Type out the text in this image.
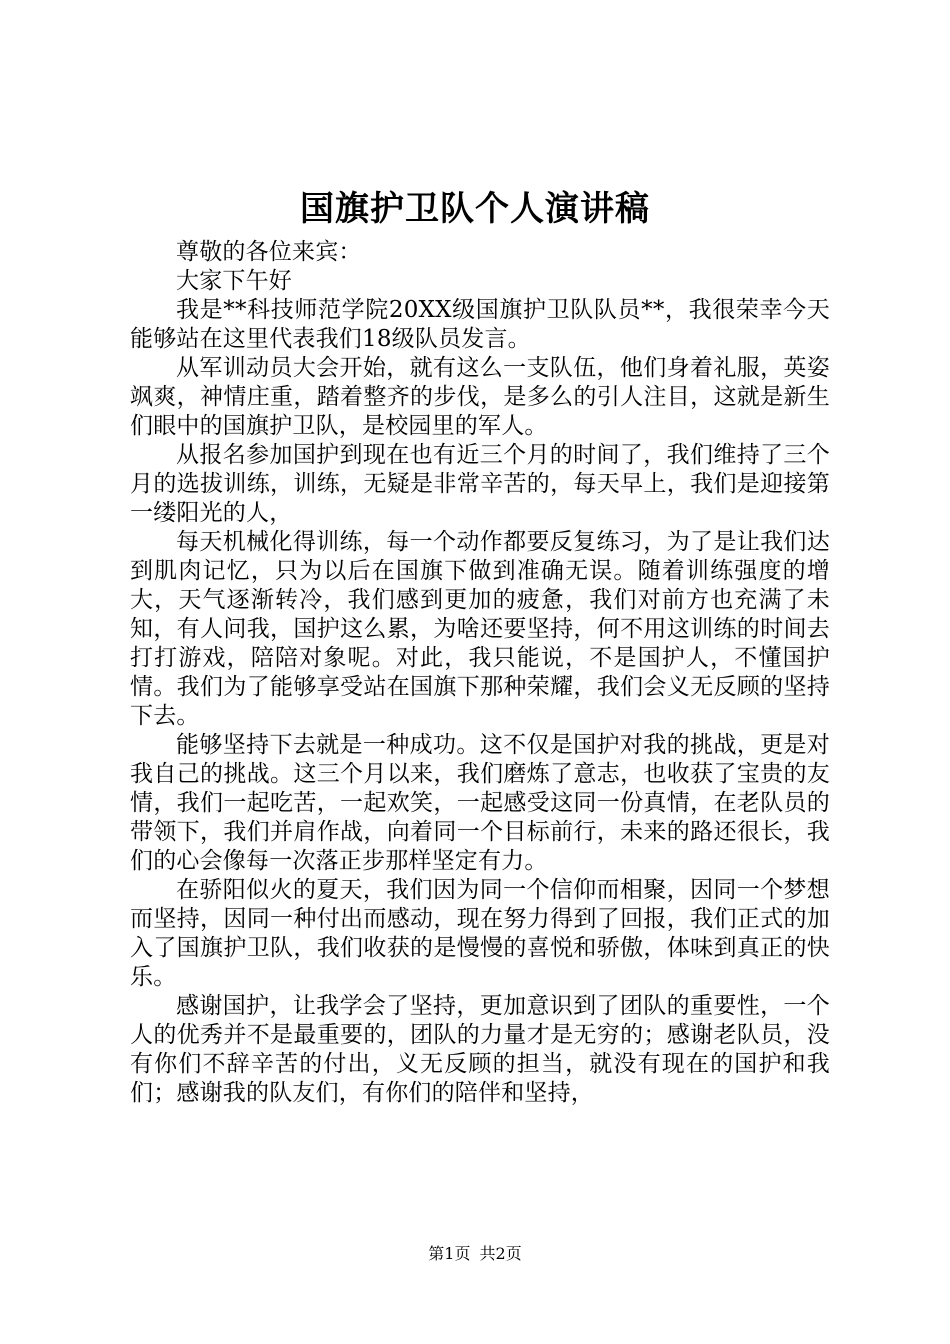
国旗护卫队个人演讲稿

尊敬的各位来宾：

大家下午好

我是**科技师范学院20XX级国旗护卫队队员**，我很荣幸今天能够站在这里代表我们18级队员发言。

从军训动员大会开始，就有这么一支队伍，他们身着礼服，英姿飒爽，神情庄重，踏着整齐的步伐，是多么的引人注目，这就是新生们眼中的国旗护卫队，是校园里的军人。

从报名参加国护到现在也有近三个月的时间了，我们维持了三个月的选拔训练，训练，无疑是非常辛苦的，每天早上，我们是迎接第一缕阳光的人，

每天机械化得训练，每一个动作都要反复练习，为了是让我们达到肌肉记忆，只为以后在国旗下做到准确无误。随着训练强度的增大，天气逐渐转冷，我们感到更加的疲惫，我们对前方也充满了未知，有人问我，国护这么累，为啥还要坚持，何不用这训练的时间去打打游戏，陪陪对象呢。对此，我只能说，不是国护人，不懂国护情。我们为了能够享受站在国旗下那种荣耀，我们会义无反顾的坚持下去。

能够坚持下去就是一种成功。这不仅是国护对我的挑战，更是对我自己的挑战。这三个月以来，我们磨炼了意志，也收获了宝贵的友情，我们一起吃苦，一起欢笑，一起感受这同一份真情，在老队员的带领下，我们并肩作战，向着同一个目标前行，未来的路还很长，我们的心会像每一次落正步那样坚定有力。

在骄阳似火的夏天，我们因为同一个信仰而相聚，因同一个梦想而坚持，因同一种付出而感动，现在努力得到了回报，我们正式的加入了国旗护卫队，我们收获的是慢慢的喜悦和骄傲，体味到真正的快乐。

感谢国护，让我学会了坚持，更加意识到了团队的重要性，一个人的优秀并不是最重要的，团队的力量才是无穷的；感谢老队员，没有你们不辞辛苦的付出，义无反顾的担当，就没有现在的国护和我们；感谢我的队友们，有你们的陪伴和坚持，

第1页 共2页
